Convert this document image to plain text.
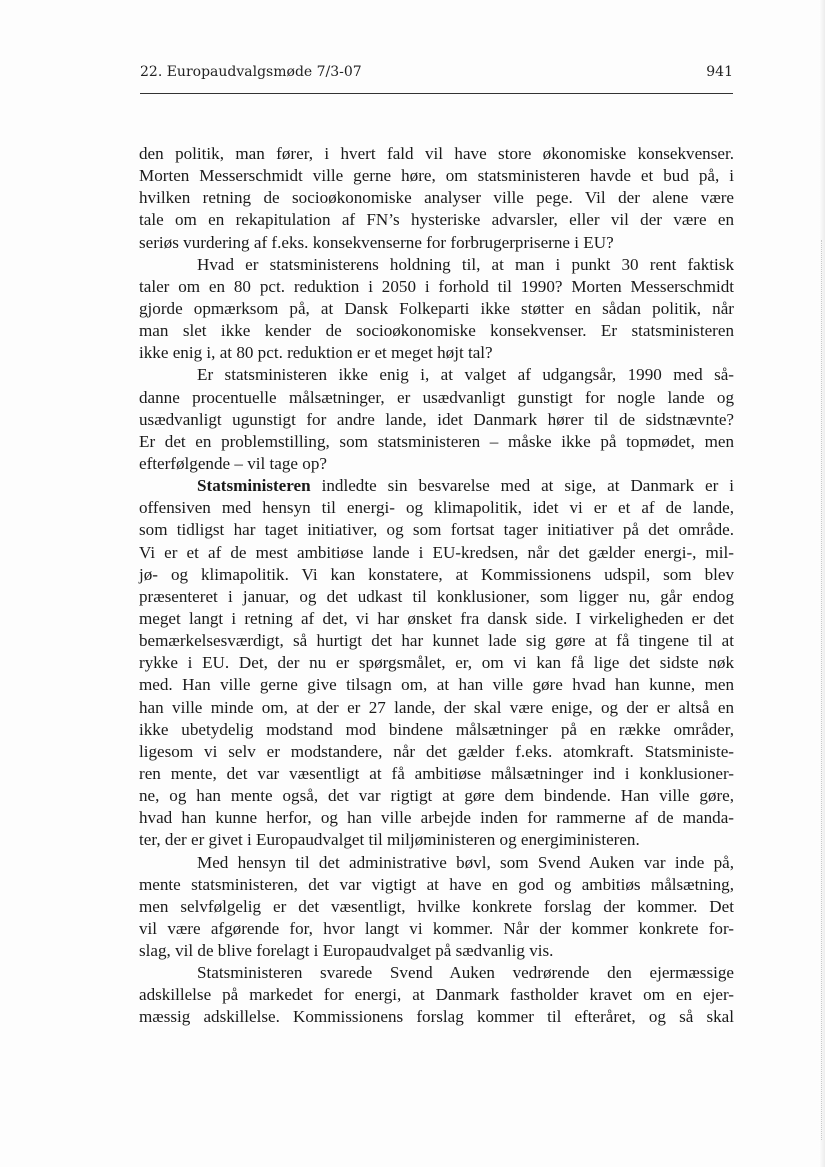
22. Europaudvalgsmøde 7/3-07	941
den politik, man fører, i hvert fald vil have store økonomiske konsekvenser.
Morten Messerschmidt ville gerne høre, om statsministeren havde et bud på, i
hvilken retning de socioøkonomiske analyser ville pege. Vil der alene være
tale om en rekapitulation af FN’s hysteriske advarsler, eller vil der være en
seriøs vurdering af f.eks. konsekvenserne for forbrugerpriserne i EU?
Hvad er statsministerens holdning til, at man i punkt 30 rent faktisk
taler om en 80 pct. reduktion i 2050 i forhold til 1990? Morten Messerschmidt
gjorde opmærksom på, at Dansk Folkeparti ikke støtter en sådan politik, når
man slet ikke kender de socioøkonomiske konsekvenser. Er statsministeren
ikke enig i, at 80 pct. reduktion er et meget højt tal?
Er statsministeren ikke enig i, at valget af udgangsår, 1990 med så-
danne procentuelle målsætninger, er usædvanligt gunstigt for nogle lande og
usædvanligt ugunstigt for andre lande, idet Danmark hører til de sidstnævnte?
Er det en problemstilling, som statsministeren – måske ikke på topmødet, men
efterfølgende – vil tage op?
Statsministeren indledte sin besvarelse med at sige, at Danmark er i
offensiven med hensyn til energi- og klimapolitik, idet vi er et af de lande,
som tidligst har taget initiativer, og som fortsat tager initiativer på det område.
Vi er et af de mest ambitiøse lande i EU-kredsen, når det gælder energi-, mil-
jø- og klimapolitik. Vi kan konstatere, at Kommissionens udspil, som blev
præsenteret i januar, og det udkast til konklusioner, som ligger nu, går endog
meget langt i retning af det, vi har ønsket fra dansk side. I virkeligheden er det
bemærkelsesværdigt, så hurtigt det har kunnet lade sig gøre at få tingene til at
rykke i EU. Det, der nu er spørgsmålet, er, om vi kan få lige det sidste nøk
med. Han ville gerne give tilsagn om, at han ville gøre hvad han kunne, men
han ville minde om, at der er 27 lande, der skal være enige, og der er altså en
ikke ubetydelig modstand mod bindene målsætninger på en række områder,
ligesom vi selv er modstandere, når det gælder f.eks. atomkraft. Statsministe-
ren mente, det var væsentligt at få ambitiøse målsætninger ind i konklusioner-
ne, og han mente også, det var rigtigt at gøre dem bindende. Han ville gøre,
hvad han kunne herfor, og han ville arbejde inden for rammerne af de manda-
ter, der er givet i Europaudvalget til miljøministeren og energiministeren.
Med hensyn til det administrative bøvl, som Svend Auken var inde på,
mente statsministeren, det var vigtigt at have en god og ambitiøs målsætning,
men selvfølgelig er det væsentligt, hvilke konkrete forslag der kommer. Det
vil være afgørende for, hvor langt vi kommer. Når der kommer konkrete for-
slag, vil de blive forelagt i Europaudvalget på sædvanlig vis.
Statsministeren svarede Svend Auken vedrørende den ejermæssige
adskillelse på markedet for energi, at Danmark fastholder kravet om en ejer-
mæssig adskillelse. Kommissionens forslag kommer til efteråret, og så skal
